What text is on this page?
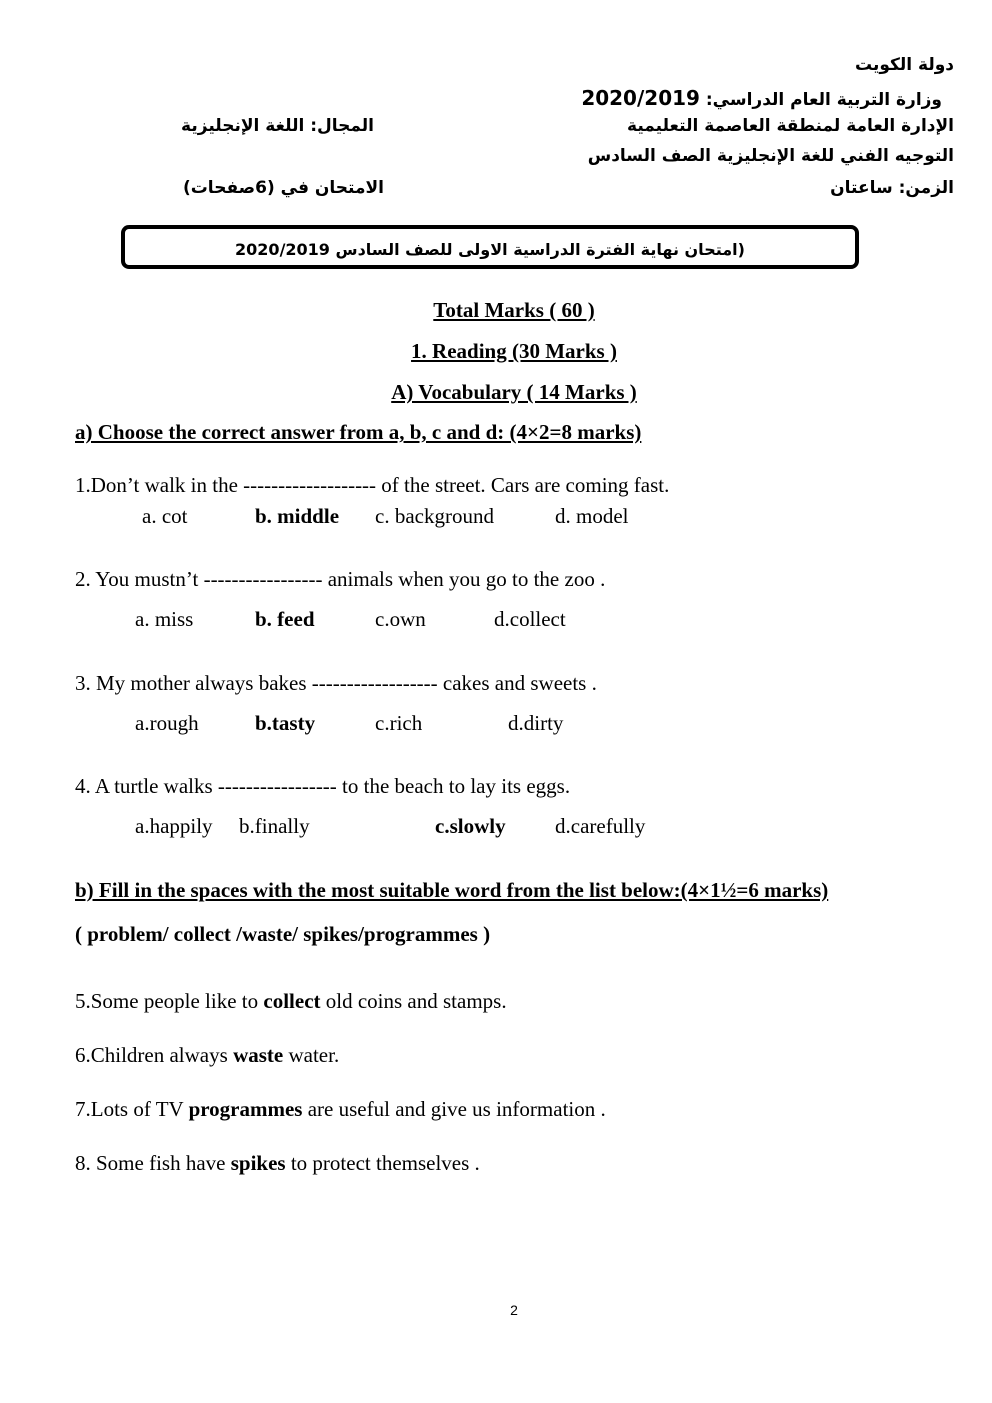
دولة الكويت
وزارة التربية العام الدراسي: 2020/2019
الإدارة العامة لمنطقة العاصمة التعليمية
المجال: اللغة الإنجليزية
التوجيه الفني للغة الإنجليزية الصف السادس
الزمن: ساعتان
الامتحان في (6صفحات)
(امتحان نهاية الفترة الدراسية الاولى للصف السادس 2020/2019
Total Marks ( 60 )
1. Reading (30 Marks )
A) Vocabulary ( 14 Marks )
a) Choose the correct answer from a, b, c and d: (4×2=8 marks)
1.Don’t walk in the ------------------- of the street. Cars are coming fast.
a. cot	b. middle c. background	d. model
2. You mustn’t ----------------- animals when you go to the zoo .
a. miss	b. feed	c.own	d.collect
3. My mother always bakes ------------------ cakes and sweets .
a.rough	b.tasty	c.rich	d.dirty
4. A turtle walks ----------------- to the beach to lay its eggs.
a.happily b.finally	c.slowly d.carefully
b) Fill in the spaces with the most suitable word from the list below:(4×1½=6 marks)
( problem/ collect /waste/ spikes/programmes )
5.Some people like to collect old coins and stamps.
6.Children always waste water.
7.Lots of TV programmes are useful and give us information .
8. Some fish have spikes to protect themselves .
2
